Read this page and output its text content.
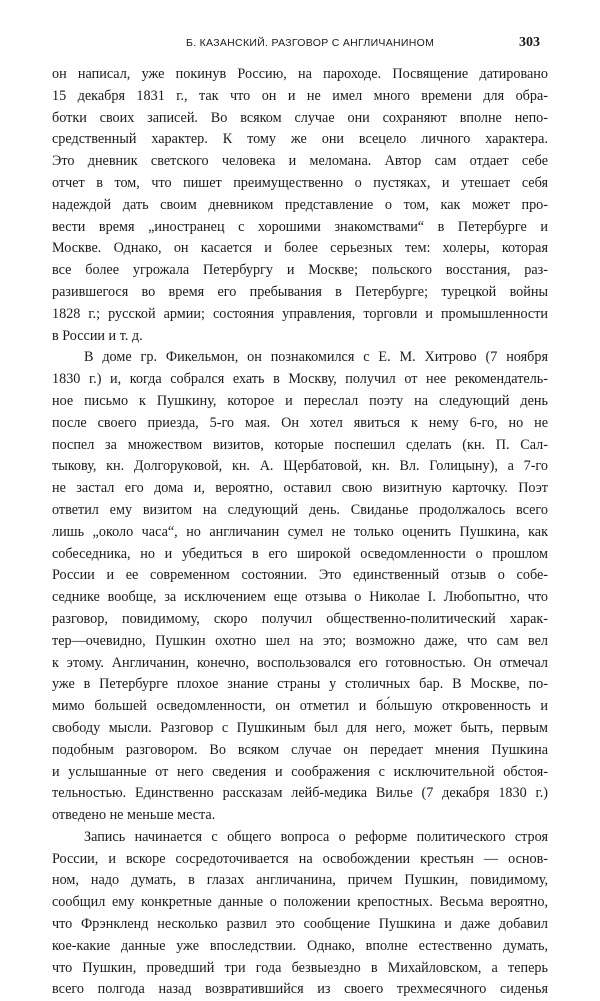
Б. КАЗАНСКИЙ. РАЗГОВОР С АНГЛИЧАНИНОМ	303
он написал, уже покинув Россию, на пароходе. Посвящение датировано
15 декабря 1831 г., так что он и не имел много времени для обра-
ботки своих записей. Во всяком случае они сохраняют вполне непо-
средственный характер. К тому же они всецело личного характера.
Это дневник светского человека и меломана. Автор сам отдает себе
отчет в том, что пишет преимущественно о пустяках, и утешает себя
надеждой дать своим дневником представление о том, как может про-
вести время „иностранец с хорошими знакомствами“ в Петербурге и
Москве. Однако, он касается и более серьезных тем: холеры, которая
все более угрожала Петербургу и Москве; польского восстания, раз-
разившегося во время его пребывания в Петербурге; турецкой войны
1828 г.; русской армии; состояния управления, торговли и промышленности
в России и т. д.
В доме гр. Фикельмон, он познакомился с Е. М. Хитрово (7 ноября
1830 г.) и, когда собрался ехать в Москву, получил от нее рекомендатель-
ное письмо к Пушкину, которое и переслал поэту на следующий день
после своего приезда, 5-го мая. Он хотел явиться к нему 6-го, но не
поспел за множеством визитов, которые поспешил сделать (кн. П. Сал-
тыкову, кн. Долгоруковой, кн. А. Щербатовой, кн. Вл. Голицыну), а 7-го
не застал его дома и, вероятно, оставил свою визитную карточку. Поэт
ответил ему визитом на следующий день. Свиданье продолжалось всего
лишь „около часа“, но англичанин сумел не только оценить Пушкина, как
собеседника, но и убедиться в его широкой осведомленности о прошлом
России и ее современном состоянии. Это единственный отзыв о собе-
седнике вообще, за исключением еще отзыва о Николае I. Любопытно, что
разговор, повидимому, скоро получил общественно-политический харак-
тер—очевидно, Пушкин охотно шел на это; возможно даже, что сам вел
к этому. Англичанин, конечно, воспользовался его готовностью. Он отмечал
уже в Петербурге плохое знание страны у столичных бар. В Москве, по-
мимо большей осведомленности, он отметил и бо́льшую откровенность и
свободу мысли. Разговор с Пушкиным был для него, может быть, первым
подобным разговором. Во всяком случае он передает мнения Пушкина
и услышанные от него сведения и соображения с исключительной обстоя-
тельностью. Единственно рассказам лейб-медика Вилье (7 декабря 1830 г.)
отведено не меньше места.
Запись начинается с общего вопроса о реформе политического строя
России, и вскоре сосредоточивается на освобождении крестьян — основ-
ном, надо думать, в глазах англичанина, причем Пушкин, повидимому,
сообщил ему конкретные данные о положении крепостных. Весьма вероятно,
что Фрэнкленд несколько развил это сообщение Пушкина и даже добавил
кое-какие данные уже впоследствии. Однако, вполне естественно думать,
что Пушкин, проведший три года безвыездно в Михайловском, а теперь
всего полгода назад возвратившийся из своего трехмесячного сиденья
